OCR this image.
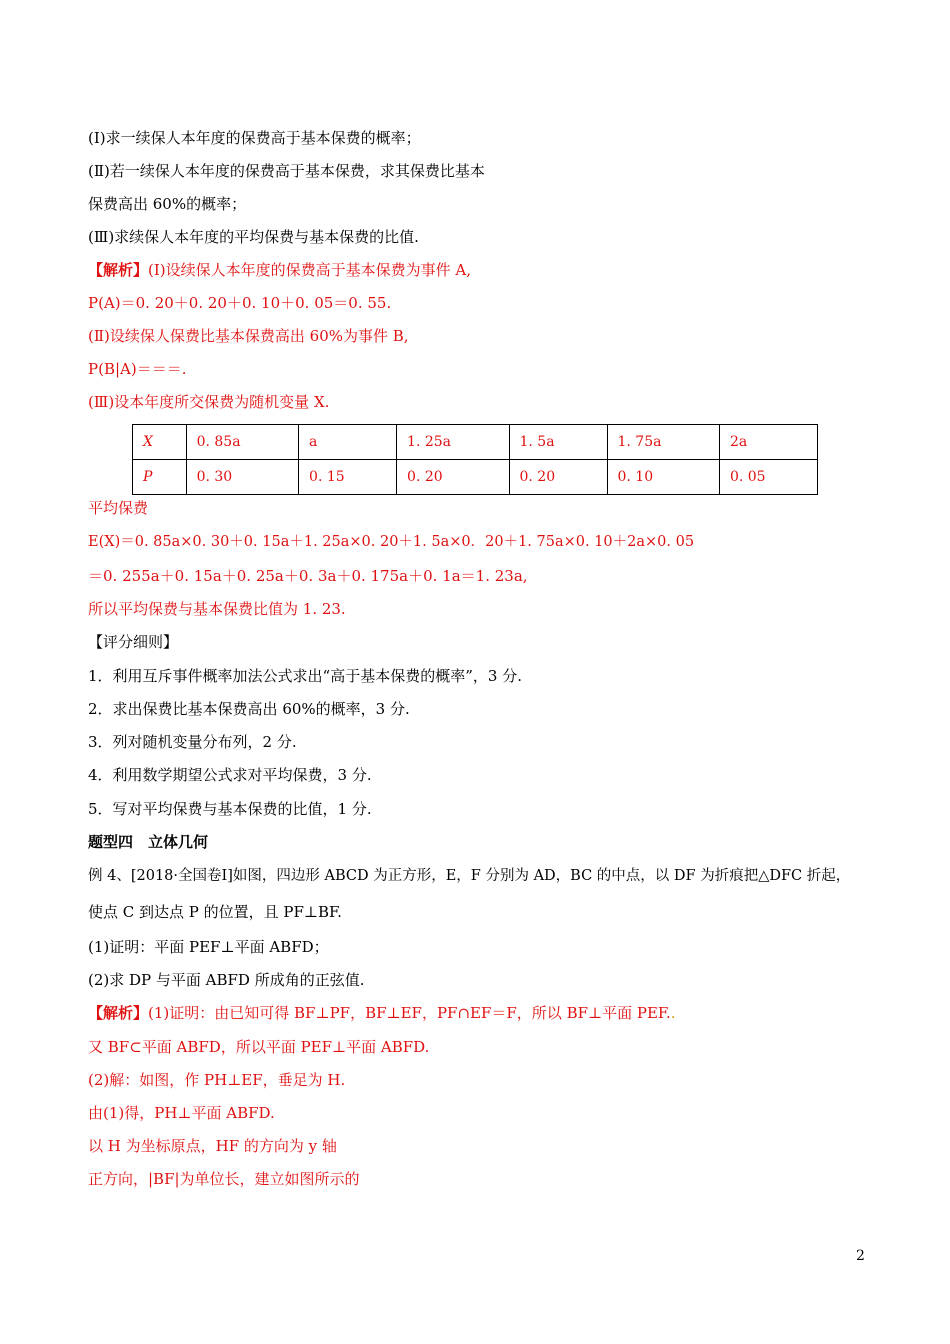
(Ⅰ)求一续保人本年度的保费高于基本保费的概率；
(Ⅱ)若一续保人本年度的保费高于基本保费，求其保费比基本
保费高出 60%的概率；
(Ⅲ)求续保人本年度的平均保费与基本保费的比值.
【解析】(Ⅰ)设续保人本年度的保费高于基本保费为事件 A,
P(A)＝0. 20＋0. 20＋0. 10＋0. 05＝0. 55.
(Ⅱ)设续保人保费比基本保费高出 60%为事件 B,
P(B|A)＝＝＝.
(Ⅲ)设本年度所交保费为随机变量 X.
X	0. 85a	a	1. 25a	1. 5a	1. 75a	2a
P	0. 30	0. 15	0. 20	0. 20	0. 10	0. 05
平均保费
E(X)＝0. 85a×0. 30＋0. 15a＋1. 25a×0. 20＋1. 5a×0．20＋1. 75a×0. 10＋2a×0. 05
＝0. 255a＋0. 15a＋0. 25a＋0. 3a＋0. 175a＋0. 1a＝1. 23a,
所以平均保费与基本保费比值为 1. 23.
【评分细则】
1．利用互斥事件概率加法公式求出“高于基本保费的概率”，3 分.
2．求出保费比基本保费高出 60%的概率，3 分.
3．列对随机变量分布列，2 分.
4．利用数学期望公式求对平均保费，3 分.
5．写对平均保费与基本保费的比值，1 分.
题型四　立体几何
例 4、[2018·全国卷Ⅰ]如图，四边形 ABCD 为正方形，E，F 分别为 AD，BC 的中点，以 DF 为折痕把△DFC 折起，
使点 C 到达点 P 的位置，且 PF⊥BF.
(1)证明：平面 PEF⊥平面 ABFD；
(2)求 DP 与平面 ABFD 所成角的正弦值.
【解析】(1)证明：由已知可得 BF⊥PF，BF⊥EF，PF∩EF＝F，所以 BF⊥平面 PEF..
又 BF⊂平面 ABFD，所以平面 PEF⊥平面 ABFD.
(2)解：如图，作 PH⊥EF，垂足为 H.
由(1)得，PH⊥平面 ABFD.
以 H 为坐标原点，HF 的方向为 y 轴
正方向，|BF|为单位长，建立如图所示的
2
